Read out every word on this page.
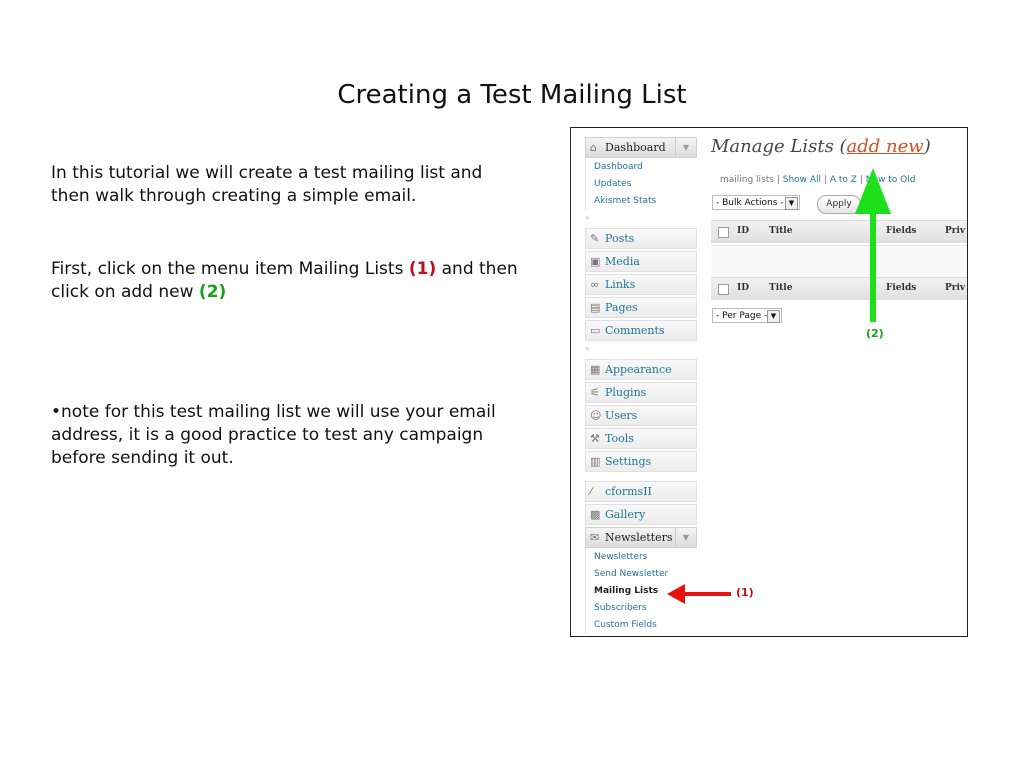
Creating a Test Mailing List
In this tutorial we will create a test mailing list and then walk through creating a simple email.
First, click on the menu item Mailing Lists (1) and then click on add new (2)
•note for this test mailing list we will use your email address, it is a good practice to test any campaign before sending it out.
⌂ Dashboard	▼
Dashboard
Updates
Akismet Stats
«
✎ Posts
▣ Media
∞ Links
▤ Pages
▭ Comments
«
▦ Appearance
⚟ Plugins
☺ Users
⚒ Tools
▥ Settings
⁄	cformsII
▩ Gallery
✉ Newsletters	▼
Newsletters
Send Newsletter
Mailing Lists
Subscribers
Custom Fields
Manage Lists (add new)
mailing lists | Show All | A to Z | New to Old
- Bulk Actions - ▼	Apply
ID Title	Fields	Priv
ID Title	Fields	Priv
- Per Page - ▼
(1)
(2)
